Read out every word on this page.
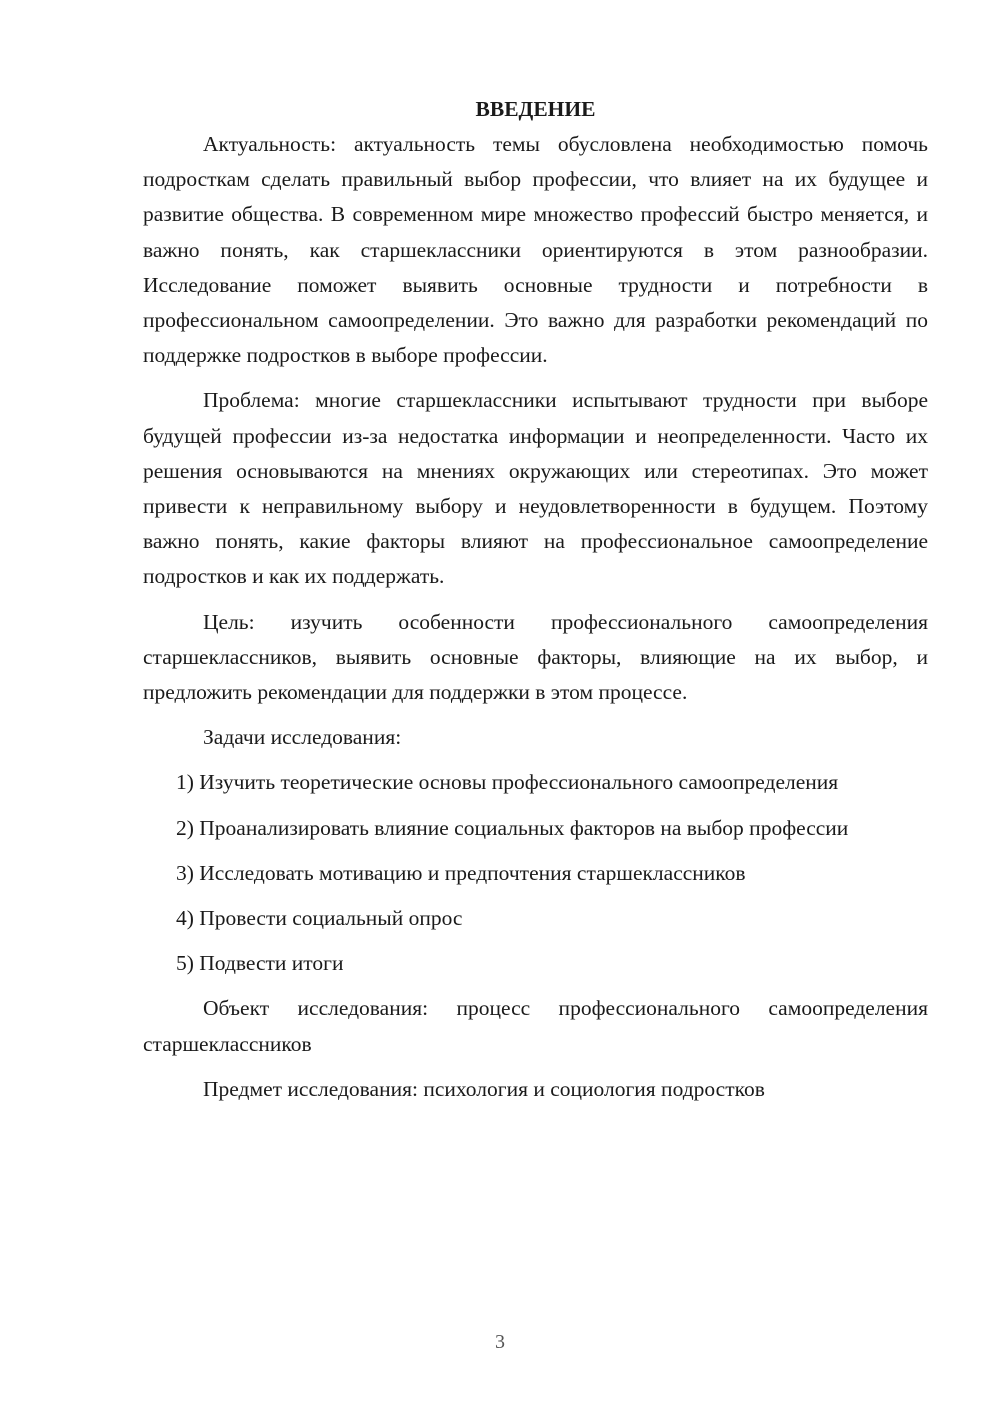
ВВЕДЕНИЕ

Актуальность: актуальность темы обусловлена необходимостью помочь подросткам сделать правильный выбор профессии, что влияет на их будущее и развитие общества. В современном мире множество профессий быстро меняется, и важно понять, как старшеклассники ориентируются в этом разнообразии. Исследование поможет выявить основные трудности и потребности в профессиональном самоопределении. Это важно для разработки рекомендаций по поддержке подростков в выборе профессии.

Проблема: многие старшеклассники испытывают трудности при выборе будущей профессии из-за недостатка информации и неопределенности. Часто их решения основываются на мнениях окружающих или стереотипах. Это может привести к неправильному выбору и неудовлетворенности в будущем. Поэтому важно понять, какие факторы влияют на профессиональное самоопределение подростков и как их поддержать.

Цель: изучить особенности профессионального самоопределения старшеклассников, выявить основные факторы, влияющие на их выбор, и предложить рекомендации для поддержки в этом процессе.

Задачи исследования:

1) Изучить теоретические основы профессионального самоопределения

2) Проанализировать влияние социальных факторов на выбор профессии

3) Исследовать мотивацию и предпочтения старшеклассников

4) Провести социальный опрос

5) Подвести итоги

Объект исследования: процесс профессионального самоопределения старшеклассников

Предмет исследования: психология и социология подростков

3
